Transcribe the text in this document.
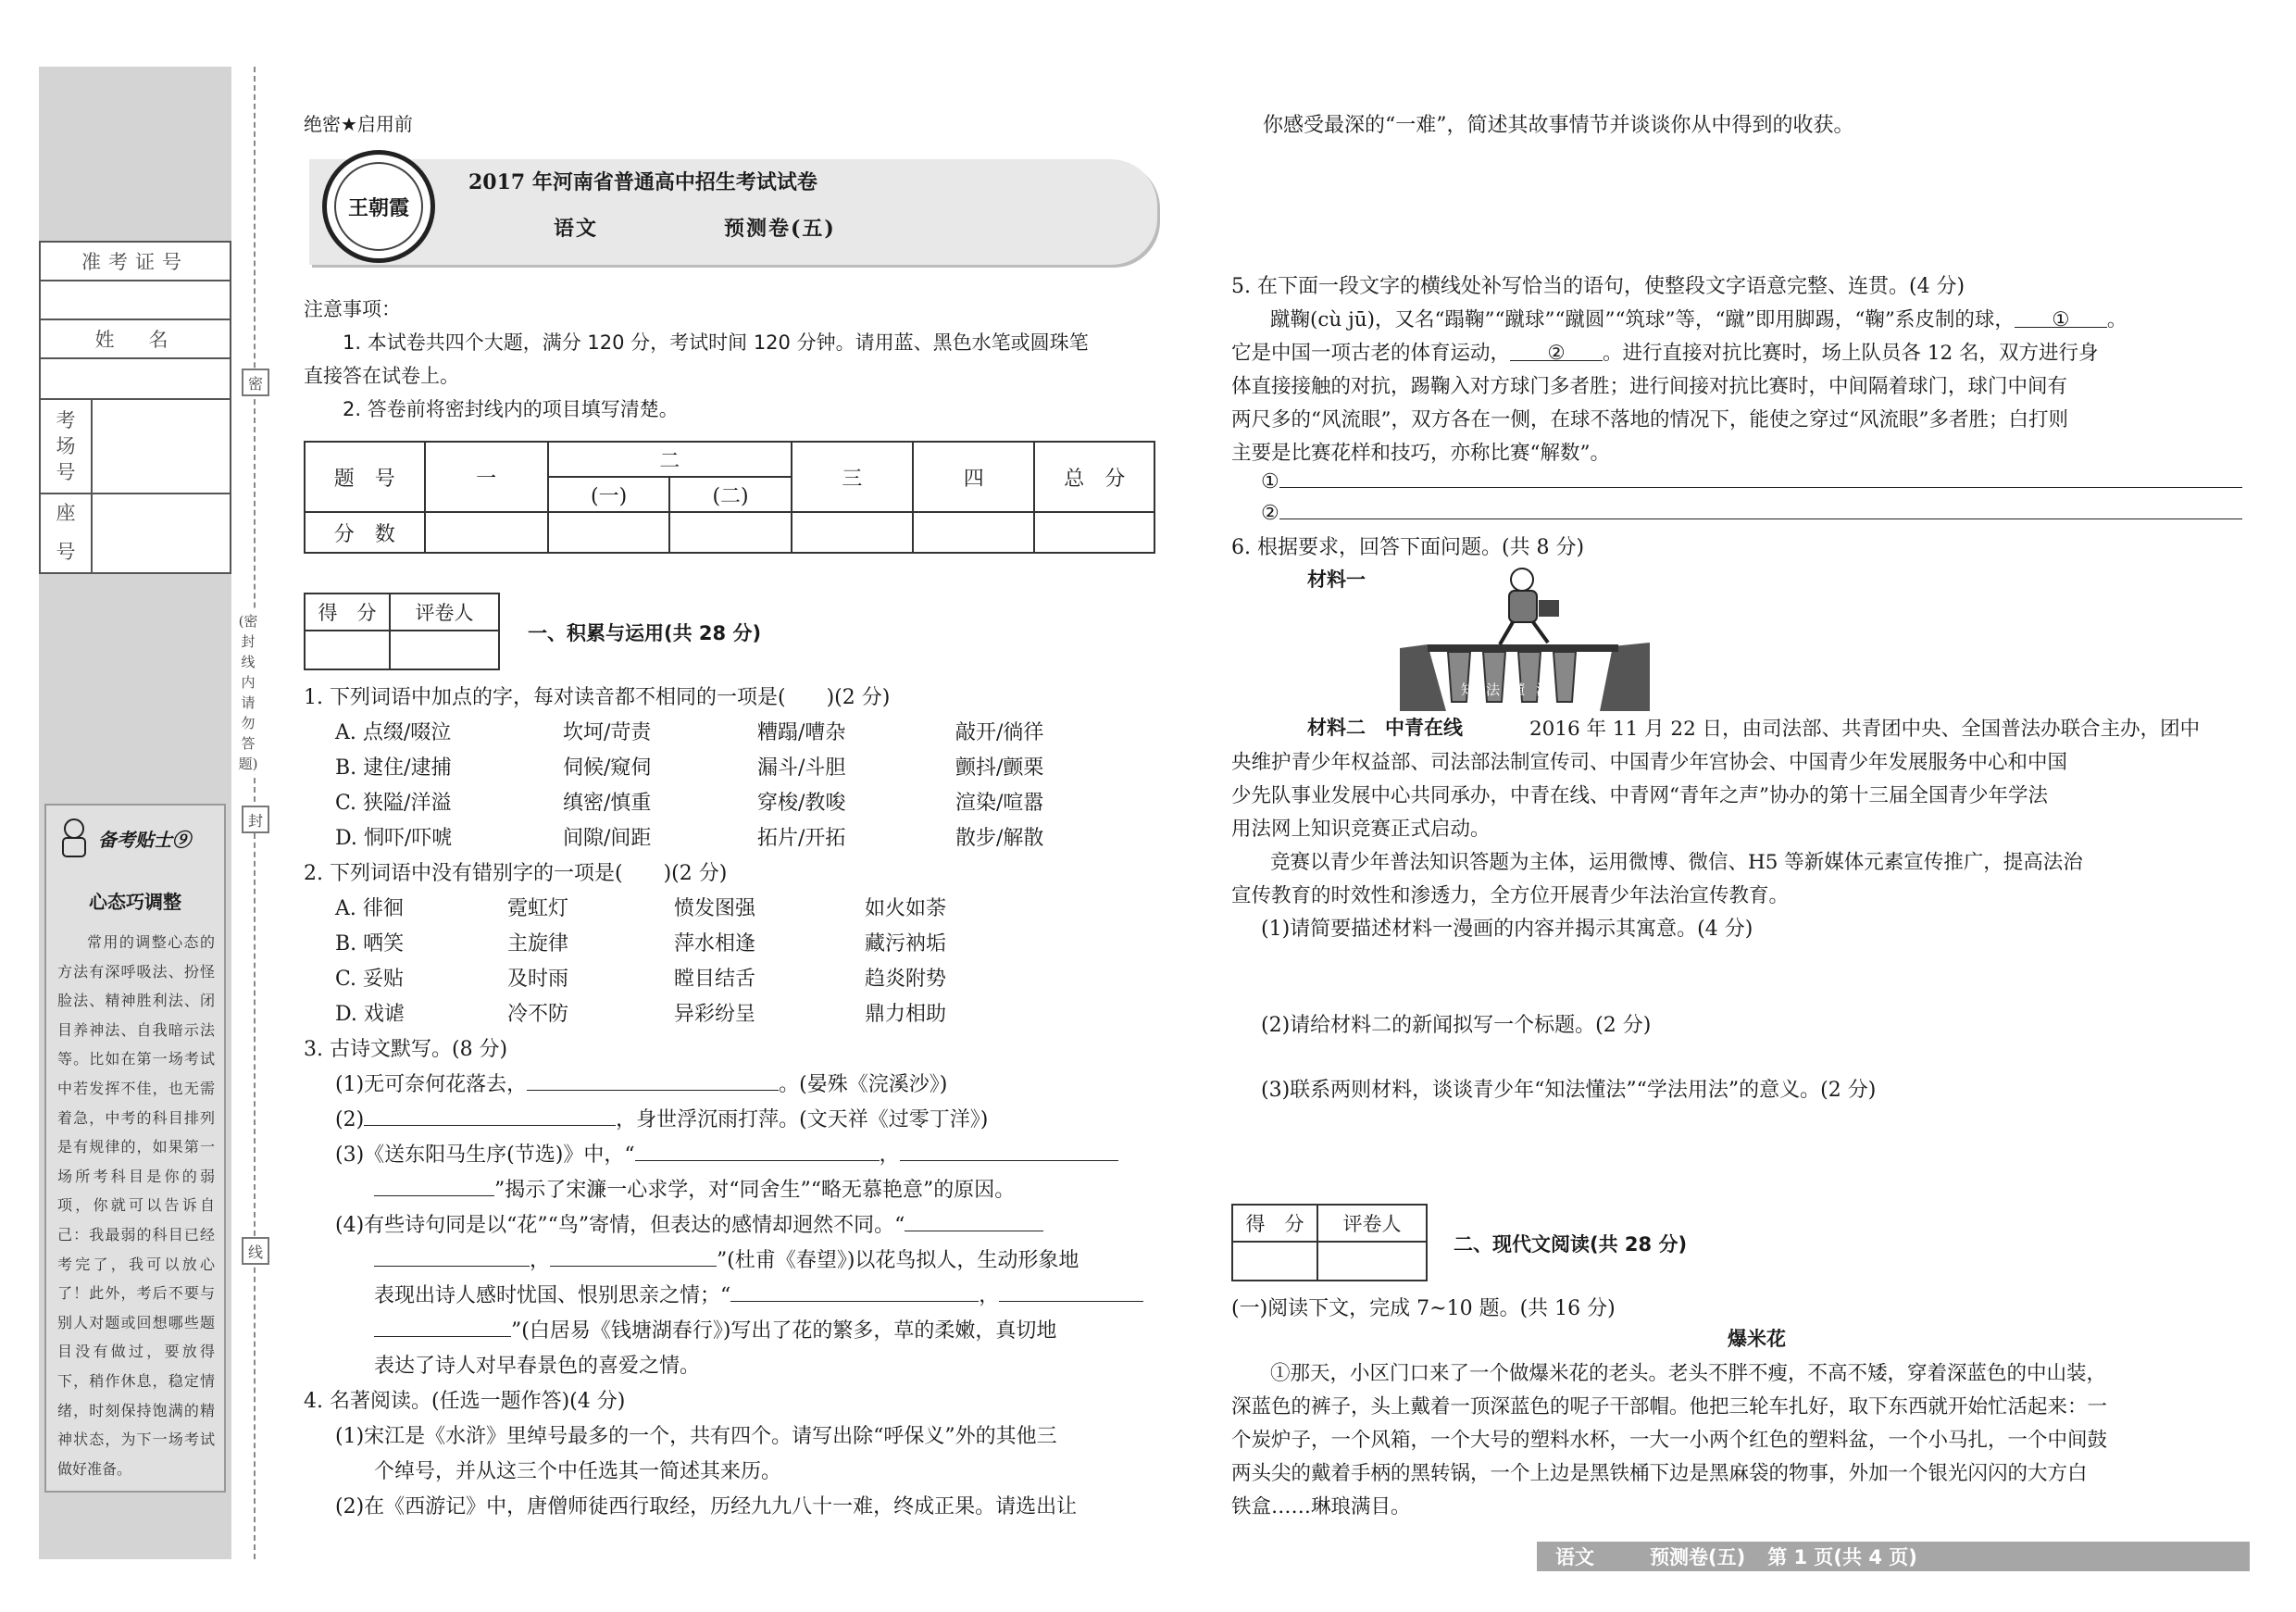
准考证号
姓　名
考
场
号
座
号
备考贴士⑨
心态巧调整
常用的调整心态的方法有深呼吸法、扮怪脸法、精神胜利法、闭目养神法、自我暗示法等。比如在第一场考试中若发挥不佳，也无需着急，中考的科目排列是有规律的，如果第一场所考科目是你的弱项，你就可以告诉自己：我最弱的科目已经考完了，我可以放心了！此外，考后不要与别人对题或回想哪些题目没有做过，要放得下，稍作休息，稳定情绪，时刻保持饱满的精神状态，为下一场考试做好准备。
密
封
线
(密封线内请勿答题)
绝密★启用前
王朝霞
2017 年河南省普通高中招生考试试卷
语文	预测卷(五)
注意事项：
1. 本试卷共四个大题，满分 120 分，考试时间 120 分钟。请用蓝、黑色水笔或圆珠笔
直接答在试卷上。
2. 答卷前将密封线内的项目填写清楚。
题　号	一	二		三	四	总　分
		(一)	(二)			
分　数						
得　分	评卷人
一、积累与运用(共 28 分)
1. 下列词语中加点的字，每对读音都不相同的一项是(　　)(2 分)
A. 点缀/啜泣	坎坷/苛责	糟蹋/嘈杂	敲开/徜徉
B. 逮住/逮捕	伺候/窥伺	漏斗/斗胆	颤抖/颤栗
C. 狭隘/洋溢	缜密/慎重	穿梭/教唆	渲染/喧嚣
D. 恫吓/吓唬	间隙/间距	拓片/开拓	散步/解散
2. 下列词语中没有错别字的一项是(　　)(2 分)
A. 徘徊	霓虹灯	愤发图强	如火如荼
B. 哂笑	主旋律	萍水相逢	藏污衲垢
C. 妥贴	及时雨	瞠目结舌	趋炎附势
D. 戏谑	冷不防	异彩纷呈	鼎力相助
3. 古诗文默写。(8 分)
(1)无可奈何花落去，	。(晏殊《浣溪沙》)
(2)	，身世浮沉雨打萍。(文天祥《过零丁洋》)
(3)《送东阳马生序(节选)》中，“	，
”揭示了宋濂一心求学，对“同舍生”“略无慕艳意”的原因。
(4)有些诗句同是以“花”“鸟”寄情，但表达的感情却迥然不同。“
，	”(杜甫《春望》)以花鸟拟人，生动形象地
表现出诗人感时忧国、恨别思亲之情；“	，
”(白居易《钱塘湖春行》)写出了花的繁多，草的柔嫩，真切地
表达了诗人对早春景色的喜爱之情。
4. 名著阅读。(任选一题作答)(4 分)
(1)宋江是《水浒》里绰号最多的一个，共有四个。请写出除“呼保义”外的其他三
个绰号，并从这三个中任选其一简述其来历。
(2)在《西游记》中，唐僧师徒西行取经，历经九九八十一难，终成正果。请选出让
你感受最深的“一难”，简述其故事情节并谈谈你从中得到的收获。
5. 在下面一段文字的横线处补写恰当的语句，使整段文字语意完整、连贯。(4 分)
蹴鞠(cù jū)，又名“蹋鞠”“蹴球”“蹴圆”“筑球”等，“蹴”即用脚踢，“鞠”系皮制的球， ① 。
它是中国一项古老的体育运动， ② 。进行直接对抗比赛时，场上队员各 12 名，双方进行身
体直接接触的对抗，踢鞠入对方球门多者胜；进行间接对抗比赛时，中间隔着球门，球门中间有
两尺多的“风流眼”，双方各在一侧，在球不落地的情况下，能使之穿过“风流眼”多者胜；白打则
主要是比赛花样和技巧，亦称比赛“解数”。
①
②
6. 根据要求，回答下面问题。(共 8 分)
材料一
知法懂法
材料二　中青在线	2016 年 11 月 22 日，由司法部、共青团中央、全国普法办联合主办，团中
央维护青少年权益部、司法部法制宣传司、中国青少年宫协会、中国青少年发展服务中心和中国
少先队事业发展中心共同承办，中青在线、中青网“青年之声”协办的第十三届全国青少年学法
用法网上知识竞赛正式启动。
竞赛以青少年普法知识答题为主体，运用微博、微信、H5 等新媒体元素宣传推广，提高法治
宣传教育的时效性和渗透力，全方位开展青少年法治宣传教育。
(1)请简要描述材料一漫画的内容并揭示其寓意。(4 分)
(2)请给材料二的新闻拟写一个标题。(2 分)
(3)联系两则材料，谈谈青少年“知法懂法”“学法用法”的意义。(2 分)
得　分	评卷人
二、现代文阅读(共 28 分)
(一)阅读下文，完成 7~10 题。(共 16 分)
爆米花
①那天，小区门口来了一个做爆米花的老头。老头不胖不瘦，不高不矮，穿着深蓝色的中山装，
深蓝色的裤子，头上戴着一顶深蓝色的呢子干部帽。他把三轮车扎好，取下东西就开始忙活起来：一
个炭炉子，一个风箱，一个大号的塑料水杯，一大一小两个红色的塑料盆，一个小马扎，一个中间鼓
两头尖的戴着手柄的黑转锅，一个上边是黑铁桶下边是黑麻袋的物事，外加一个银光闪闪的大方白
铁盒……琳琅满目。
语文	预测卷(五) 第 1 页(共 4 页)
